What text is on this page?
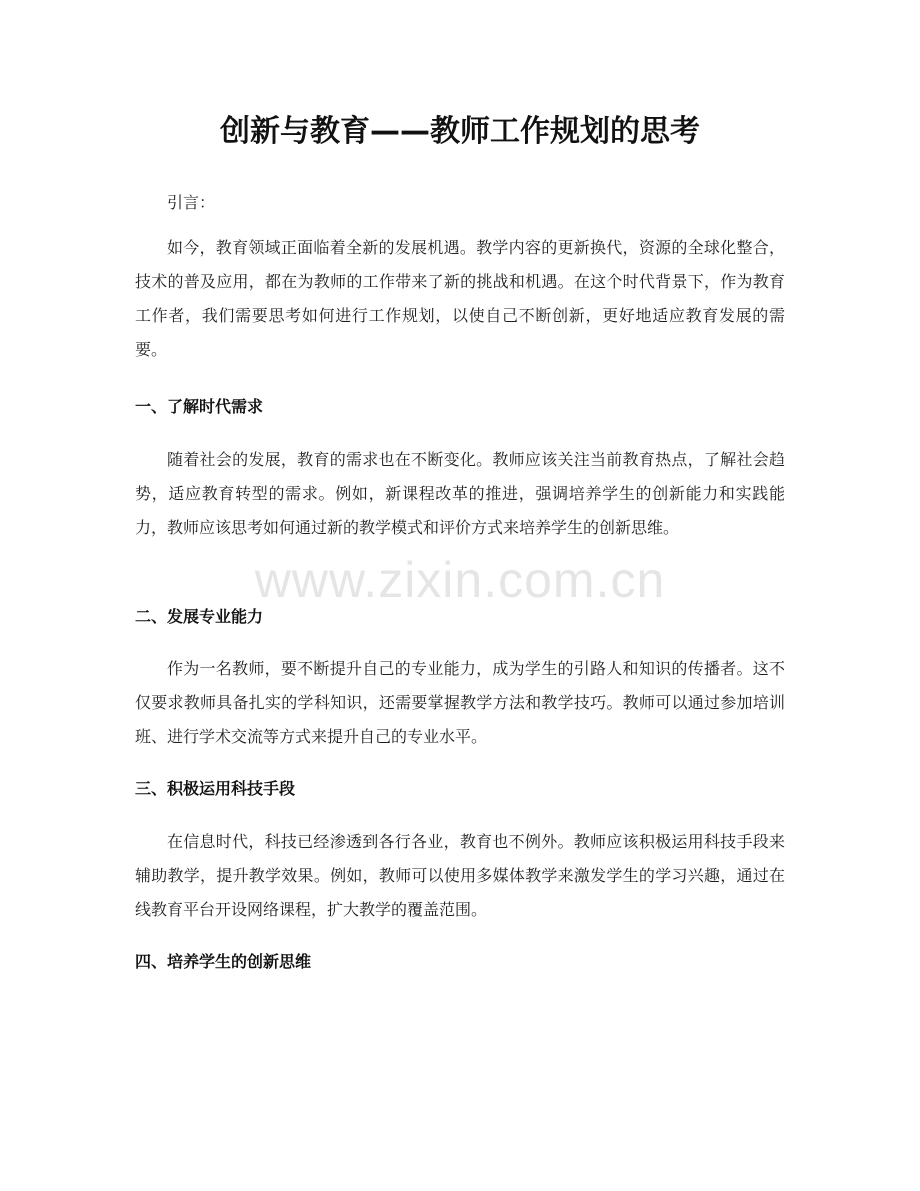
创新与教育——教师工作规划的思考

引言：

如今，教育领域正面临着全新的发展机遇。教学内容的更新换代，资源的全球化整合，技术的普及应用，都在为教师的工作带来了新的挑战和机遇。在这个时代背景下，作为教育工作者，我们需要思考如何进行工作规划，以使自己不断创新，更好地适应教育发展的需要。

一、了解时代需求

随着社会的发展，教育的需求也在不断变化。教师应该关注当前教育热点，了解社会趋势，适应教育转型的需求。例如，新课程改革的推进，强调培养学生的创新能力和实践能力，教师应该思考如何通过新的教学模式和评价方式来培养学生的创新思维。

二、发展专业能力

作为一名教师，要不断提升自己的专业能力，成为学生的引路人和知识的传播者。这不仅要求教师具备扎实的学科知识，还需要掌握教学方法和教学技巧。教师可以通过参加培训班、进行学术交流等方式来提升自己的专业水平。

三、积极运用科技手段

在信息时代，科技已经渗透到各行各业，教育也不例外。教师应该积极运用科技手段来辅助教学，提升教学效果。例如，教师可以使用多媒体教学来激发学生的学习兴趣，通过在线教育平台开设网络课程，扩大教学的覆盖范围。

四、培养学生的创新思维
www.zixin.com.cn
